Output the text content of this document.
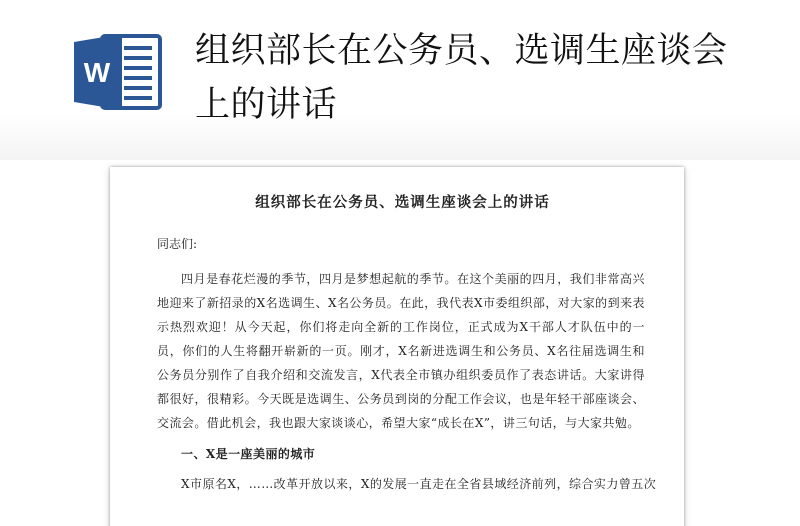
W
组织部长在公务员、选调生座谈会上的讲话
组织部长在公务员、选调生座谈会上的讲话
同志们:
四月是春花烂漫的季节，四月是梦想起航的季节。在这个美丽的四月，我们非常高兴地迎来了新招录的X名选调生、X名公务员。在此，我代表X市委组织部，对大家的到来表示热烈欢迎！从今天起，你们将走向全新的工作岗位，正式成为X干部人才队伍中的一员，你们的人生将翻开崭新的一页。刚才，X名新进选调生和公务员、X名往届选调生和公务员分别作了自我介绍和交流发言，X代表全市镇办组织委员作了表态讲话。大家讲得都很好，很精彩。今天既是选调生、公务员到岗的分配工作会议，也是年轻干部座谈会、交流会。借此机会，我也跟大家谈谈心，希望大家“成长在X”，讲三句话，与大家共勉。
一、X是一座美丽的城市
X市原名X，……改革开放以来，X的发展一直走在全省县域经济前列，综合实力曾五次
